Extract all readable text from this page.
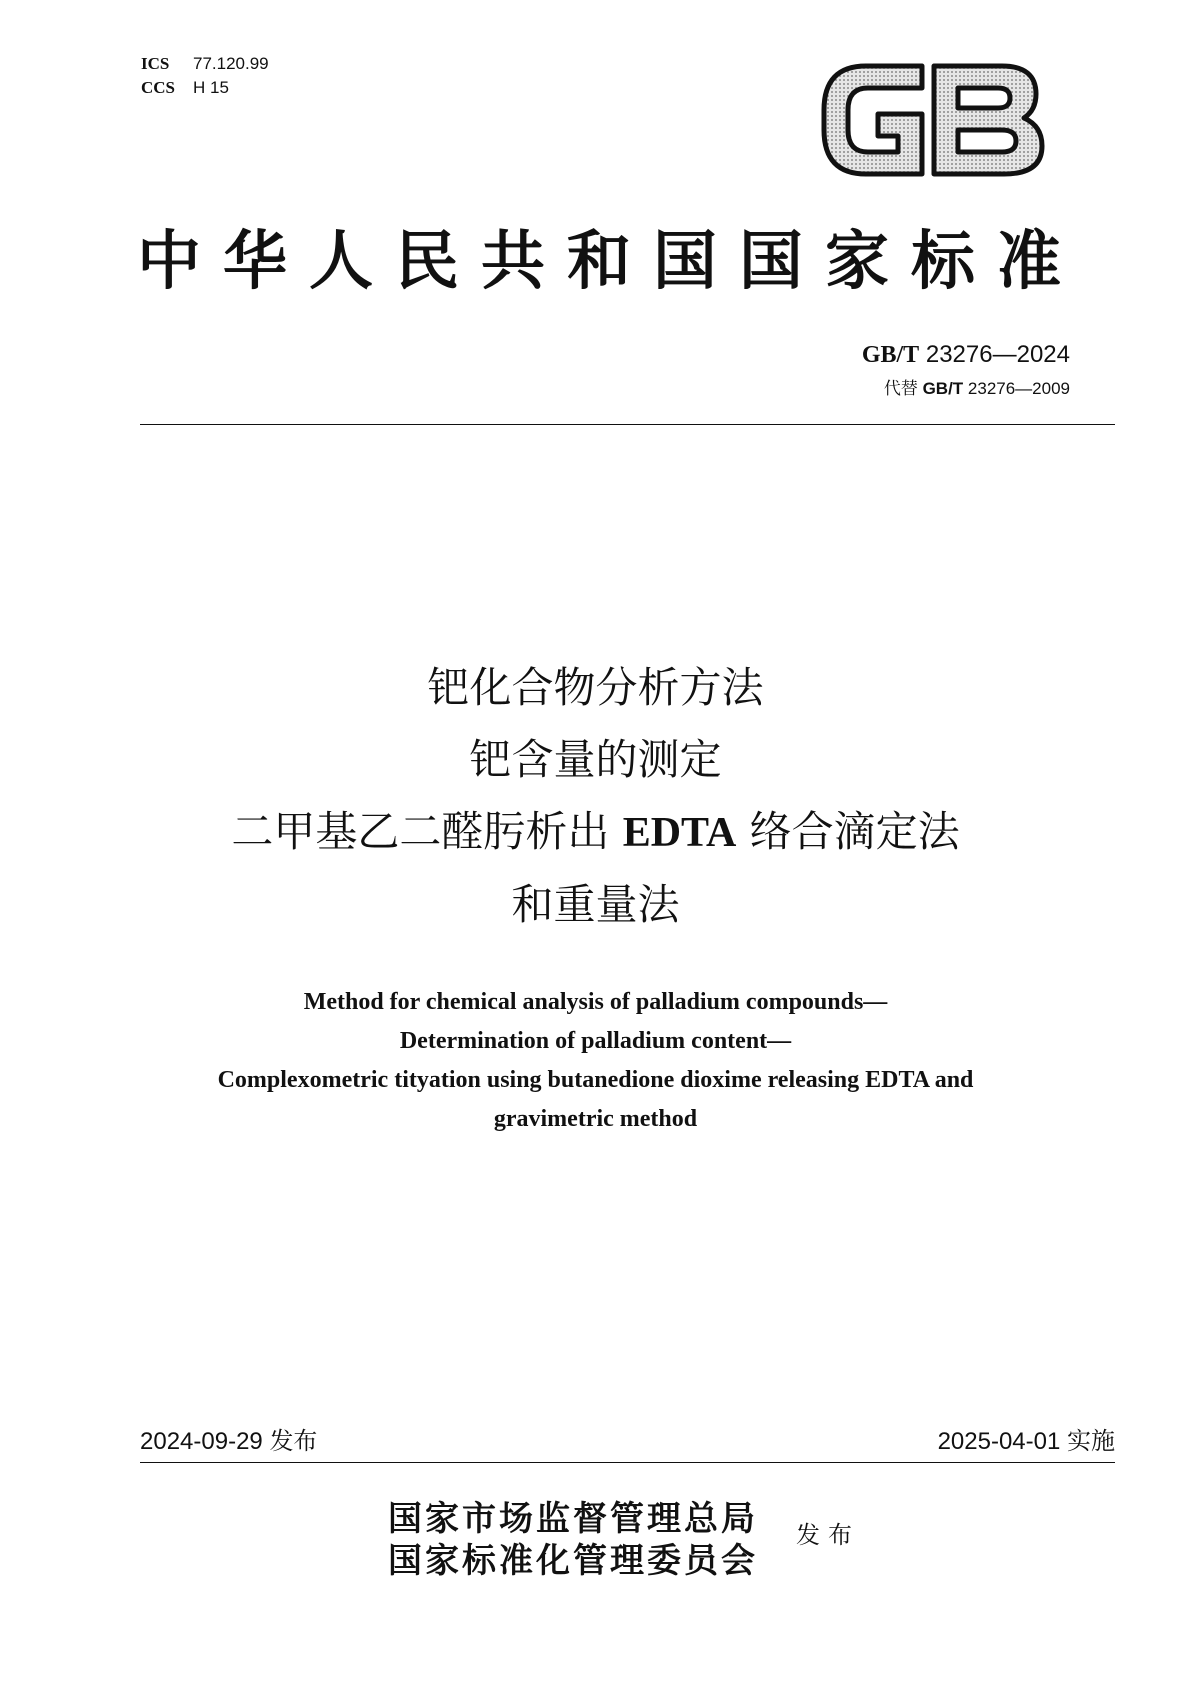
ICS	77.120.99
CCS	H 15
中华人民共和国国家标准
GB/T 23276—2024
代替 GB/T 23276—2009
钯化合物分析方法
钯含量的测定
二甲基乙二醛肟析出 EDTA 络合滴定法
和重量法
Method for chemical analysis of palladium compounds—
Determination of palladium content—
Complexometric tityation using butanedione dioxime releasing EDTA and
gravimetric method
2024-09-29 发布	2025-04-01 实施
国家市场监督管理总局
国家标准化管理委员会
发布
